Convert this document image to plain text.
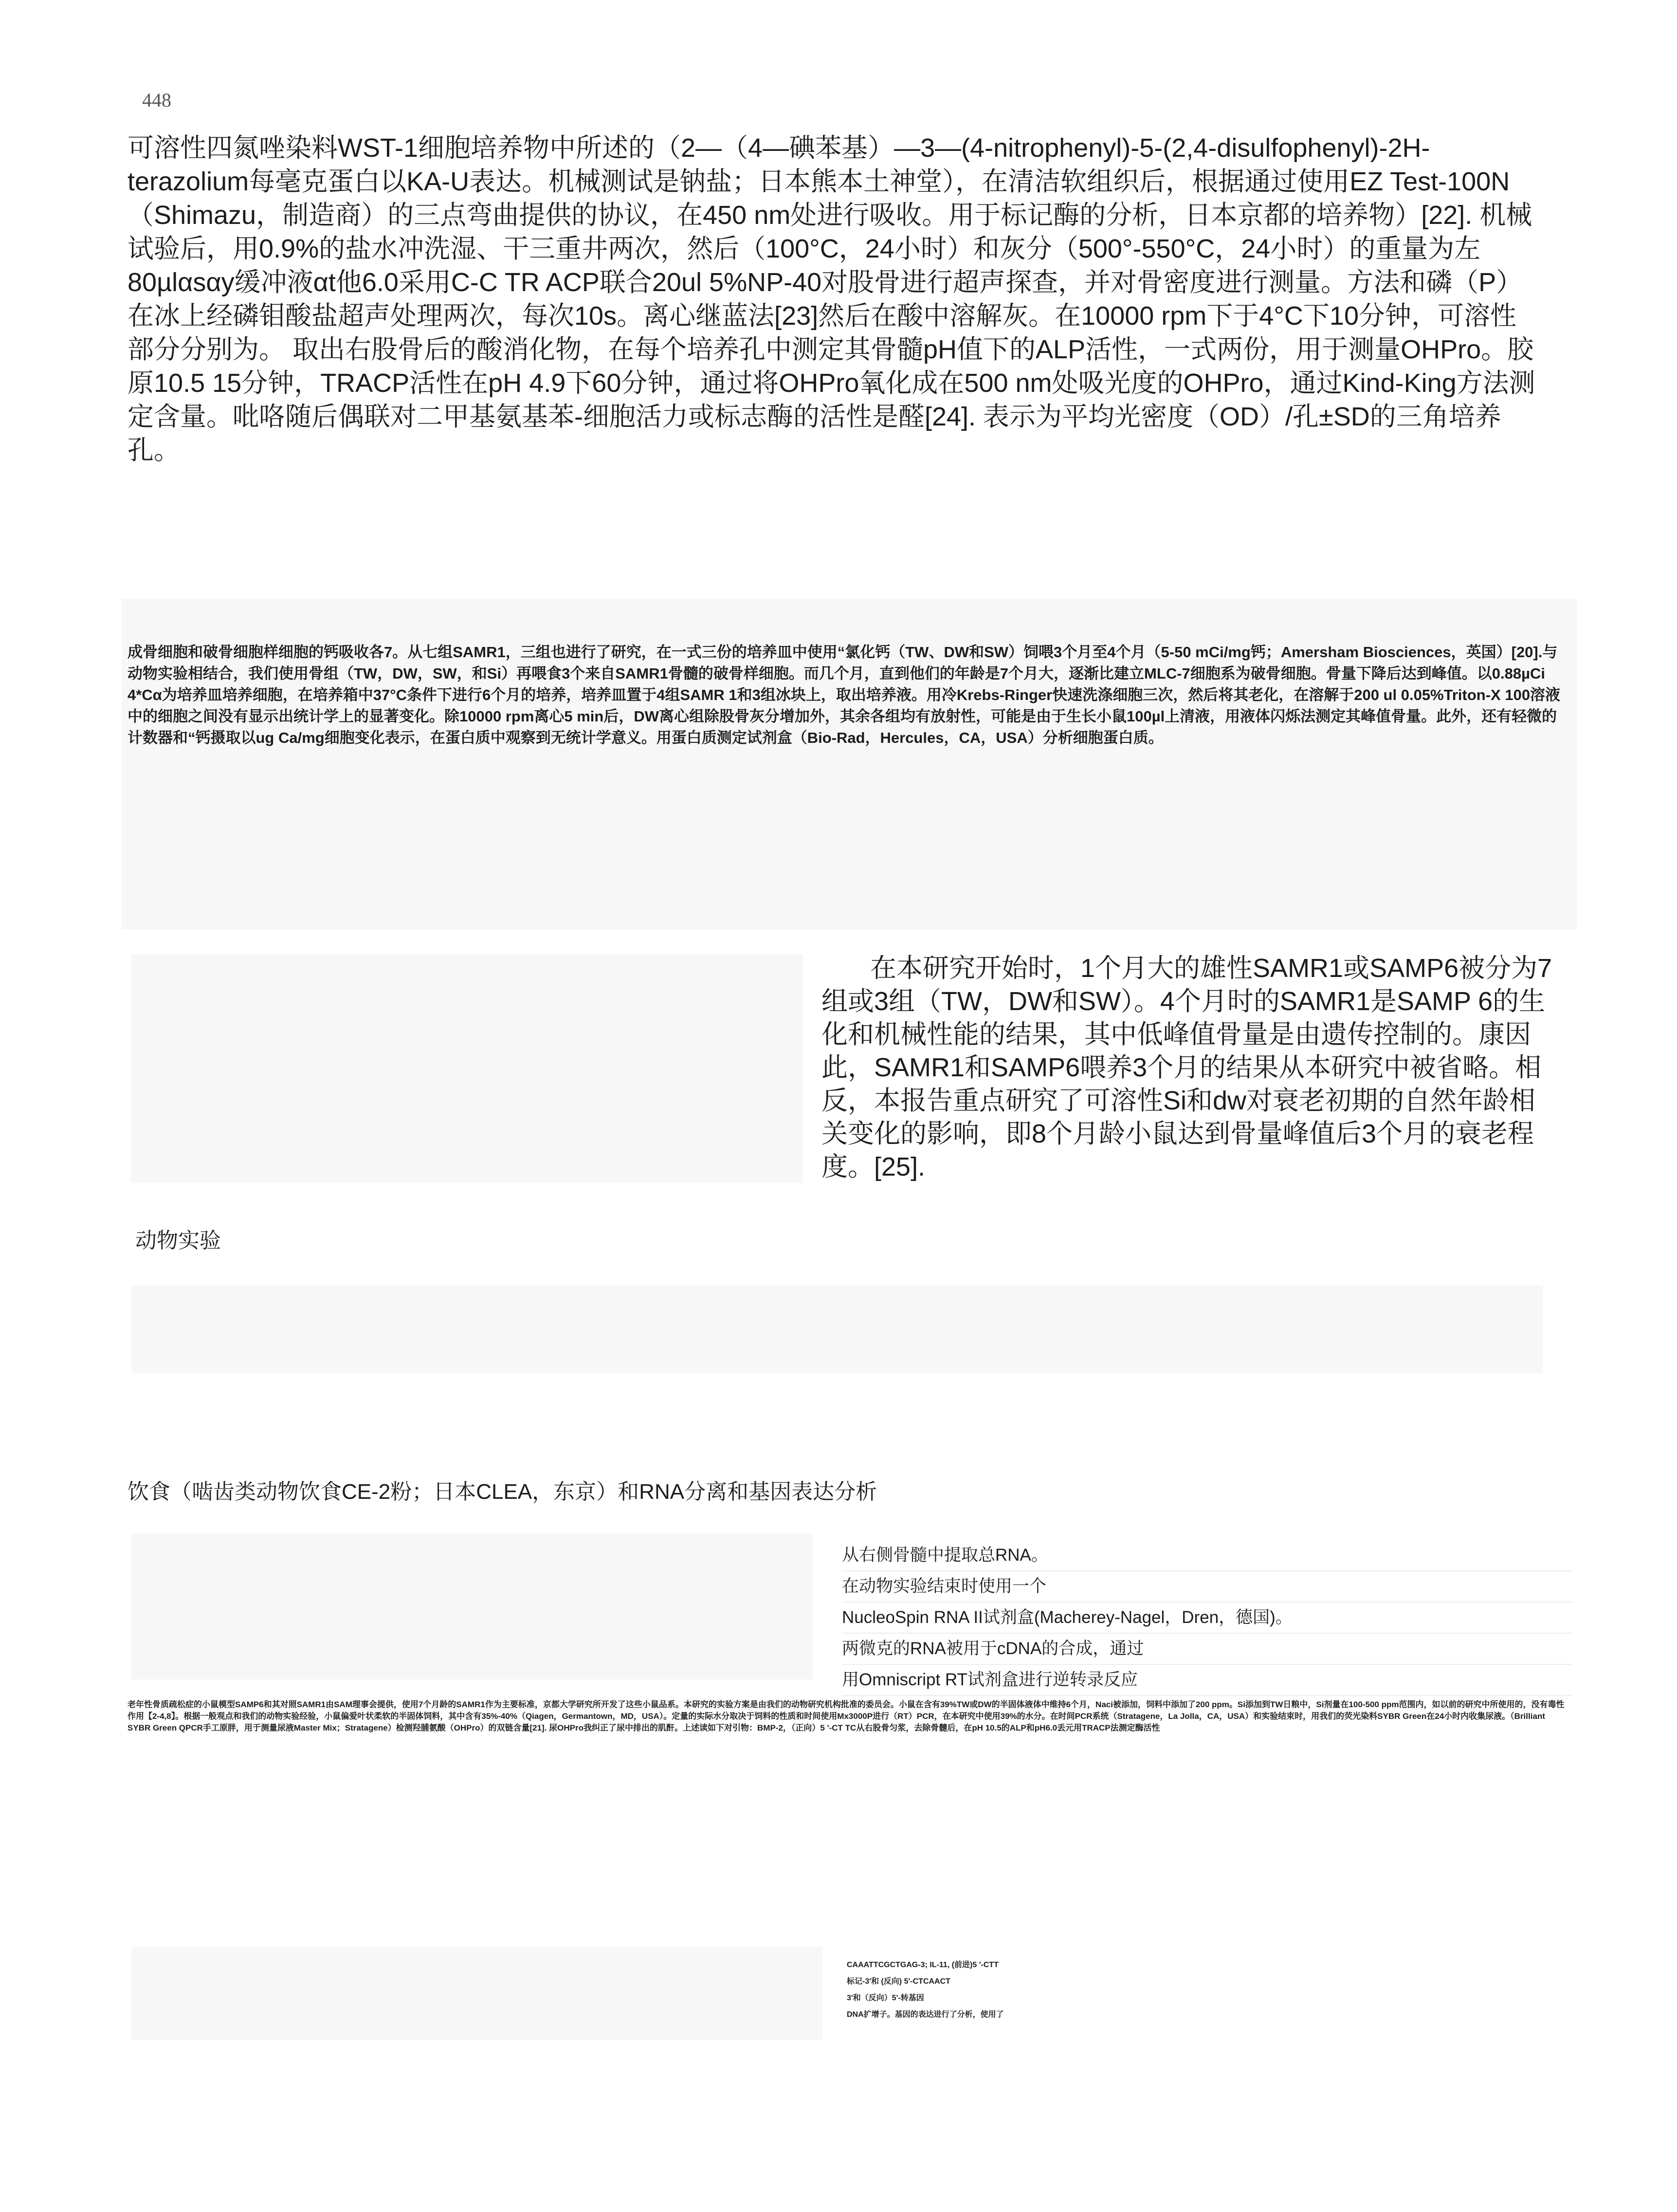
448

可溶性四氮唑染料WST-1细胞培养物中所述的（2—（4—碘苯基）—3—(4-nitrophenyl)-5-(2,4-disulfophenyl)-2H-terazolium每毫克蛋白以KA-U表达。机械测试是钠盐；日本熊本土神堂），在清洁软组织后，根据通过使用EZ Test-100N（Shimazu，制造商）的三点弯曲提供的协议，在450 nm处进行吸收。用于标记酶的分析，日本京都的培养物）[22]. 机械试验后，用0.9%的盐水冲洗湿、干三重井两次，然后（100°C，24小时）和灰分（500°-550°C，24小时）的重量为左80µlαsαy缓冲液αt他6.0采用C-C TR ACP联合20ul 5%NP-40对股骨进行超声探查，并对骨密度进行测量。方法和磷（P）在冰上经磷钼酸盐超声处理两次，每次10s。离心继蓝法[23]然后在酸中溶解灰。在10000 rpm下于4°C下10分钟，可溶性部分分别为。 取出右股骨后的酸消化物，在每个培养孔中测定其骨髓pH值下的ALP活性，一式两份，用于测量OHPro。胶原10.5 15分钟，TRACP活性在pH 4.9下60分钟，通过将OHPro氧化成在500 nm处吸光度的OHPro，通过Kind-King方法测定含量。吡咯随后偶联对二甲基氨基苯-细胞活力或标志酶的活性是醛[24]. 表示为平均光密度（OD）/孔±SD的三角培养孔。

成骨细胞和破骨细胞样细胞的钙吸收各7。从七组SAMR1，三组也进行了研究，在一式三份的培养皿中使用“氯化钙（TW、DW和SW）饲喂3个月至4个月（5-50 mCi/mg钙；Amersham Biosciences，英国）[20].与动物实验相结合，我们使用骨组（TW，DW，SW，和Si）再喂食3个来自SAMR1骨髓的破骨样细胞。而几个月，直到他们的年龄是7个月大，逐渐比建立MLC-7细胞系为破骨细胞。骨量下降后达到峰值。以0.88µCi 4*Cα为培养皿培养细胞，在培养箱中37°C条件下进行6个月的培养，培养皿置于4组SAMR 1和3组冰块上，取出培养液。用冷Krebs-Ringer快速洗涤细胞三次，然后将其老化，在溶解于200 ul 0.05%Triton-X 100溶液中的细胞之间没有显示出统计学上的显著变化。除10000 rpm离心5 min后，DW离心组除股骨灰分增加外，其余各组均有放射性，可能是由于生长小鼠100µl上清液，用液体闪烁法测定其峰值骨量。此外，还有轻微的计数器和“钙摄取以ug Ca/mg细胞变化表示，在蛋白质中观察到无统计学意义。用蛋白质测定试剂盒（Bio-Rad，Hercules，CA，USA）分析细胞蛋白质。

在本研究开始时，1个月大的雄性SAMR1或SAMP6被分为7组或3组（TW，DW和SW）。4个月时的SAMR1是SAMP 6的生化和机械性能的结果，其中低峰值骨量是由遗传控制的。康因此，SAMR1和SAMP6喂养3个月的结果从本研究中被省略。相反，本报告重点研究了可溶性Si和dw对衰老初期的自然年龄相关变化的影响，即8个月龄小鼠达到骨量峰值后3个月的衰老程度。[25].

动物实验
饮食（啮齿类动物饮食CE-2粉；日本CLEA，东京）和RNA分离和基因表达分析
从右侧骨髓中提取总RNA。
在动物实验结束时使用一个
NucleoSpin RNA II试剂盒(Macherey-Nagel，Dren，德国)。
两微克的RNA被用于cDNA的合成，通过
用Omniscript RT试剂盒进行逆转录反应

老年性骨质疏松症的小鼠模型SAMP6和其对照SAMR1由SAM理事会提供，使用7个月龄的SAMR1作为主要标准，京都大学研究所开发了这些小鼠品系。本研究的实验方案是由我们的动物研究机构批准的委员会。小鼠在含有39%TW或DW的半固体液体中维持6个月，Naci被添加，饲料中添加了200 ppm。Si添加到TW日粮中，Si剂量在100-500 ppm范围内，如以前的研究中所使用的，没有毒性作用【2-4,8】。根据一般观点和我们的动物实验经验，小鼠偏爱叶状柔软的半固体饲料，其中含有35%-40%（Qiagen，Germantown，MD，USA）。定量的实际水分取决于饲料的性质和时间使用Mx3000P进行（RT）PCR，在本研究中使用39%的水分。在时间PCR系统（Stratagene，La Jolla，CA，USA）和实验结束时，用我们的荧光染料SYBR Green在24小时内收集尿液。（Brilliant SYBR Green QPCR手工原胖，用于测量尿液Master Mix；Stratagene）检测羟脯氨酸（OHPro）的双链含量[21]. 尿OHPro我纠正了尿中排出的肌酐。上述读如下对引物：BMP-2，（正向）5 '-CT TC从右股骨匀浆，去除骨髓后，在pH 10.5的ALP和pH6.0丢元用TRACP法测定酶活性

CAAATTCGCTGAG-3; IL-11, (前进)5 '-CTT
标记-3'和 (反向) 5'-CTCAACT
3'和（反向）5'-转基因
DNA扩增子。基因的表达进行了分析，使用了
